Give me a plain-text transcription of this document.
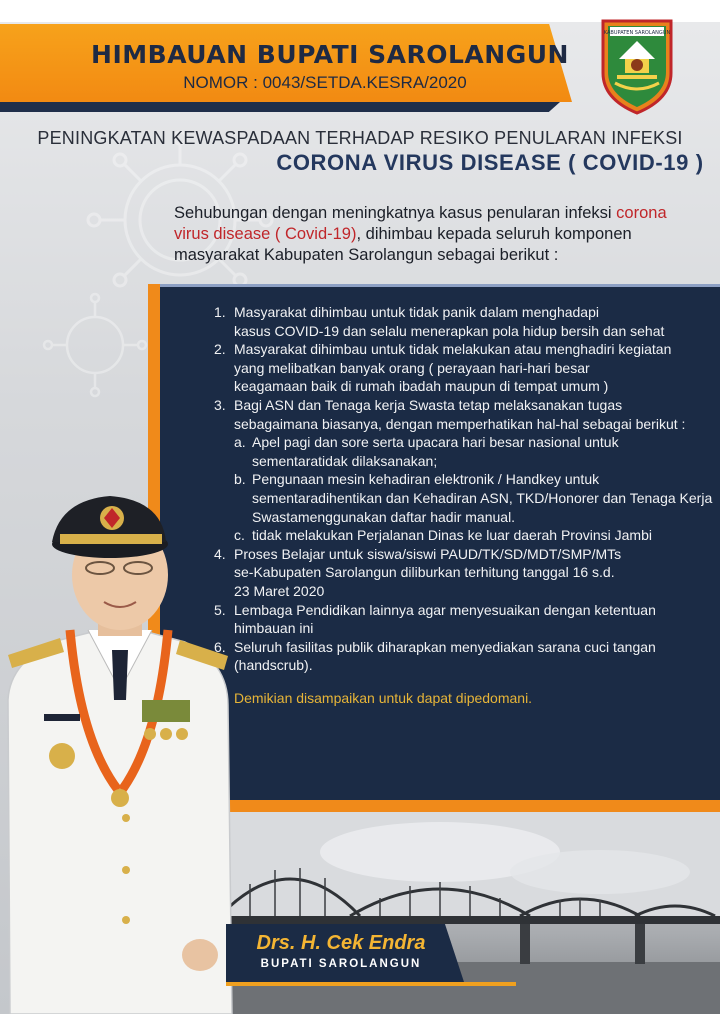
HIMBAUAN BUPATI SAROLANGUN
NOMOR : 0043/SETDA.KESRA/2020
KABUPATEN SAROLANGUN
PENINGKATAN KEWASPADAAN TERHADAP RESIKO PENULARAN INFEKSI
CORONA VIRUS DISEASE ( COVID-19 )
Sehubungan dengan meningkatnya kasus penularan infeksi corona virus disease ( Covid-19), dihimbau kepada seluruh komponen masyarakat Kabupaten Sarolangun sebagai berikut :
1. Masyarakat dihimbau untuk tidak panik dalam menghadapi
kasus COVID-19 dan selalu menerapkan pola hidup bersih dan sehat
2. Masyarakat dihimbau untuk tidak melakukan atau menghadiri kegiatan
yang melibatkan banyak orang ( perayaan hari-hari besar
keagamaan baik di rumah ibadah maupun di tempat umum )
3. Bagi ASN dan Tenaga kerja Swasta tetap melaksanakan tugas
sebagaimana biasanya, dengan memperhatikan hal-hal sebagai berikut :
a. Apel pagi dan sore serta upacara hari besar nasional untuk sementaratidak dilaksanakan;
b. Pengunaan mesin kehadiran elektronik / Handkey untuk sementaradihentikan dan Kehadiran ASN, TKD/Honorer dan Tenaga Kerja Swastamenggunakan daftar hadir manual.
c. tidak melakukan Perjalanan Dinas ke luar daerah Provinsi Jambi
4. Proses Belajar untuk siswa/siswi PAUD/TK/SD/MDT/SMP/MTs
se-Kabupaten Sarolangun diliburkan terhitung tanggal 16 s.d.
23 Maret 2020
5. Lembaga Pendidikan lainnya agar menyesuaikan dengan ketentuan
himbauan ini
6. Seluruh fasilitas publik diharapkan menyediakan sarana cuci tangan
(handscrub).
Demikian disampaikan untuk dapat dipedomani.
Drs. H. Cek Endra
BUPATI SAROLANGUN
